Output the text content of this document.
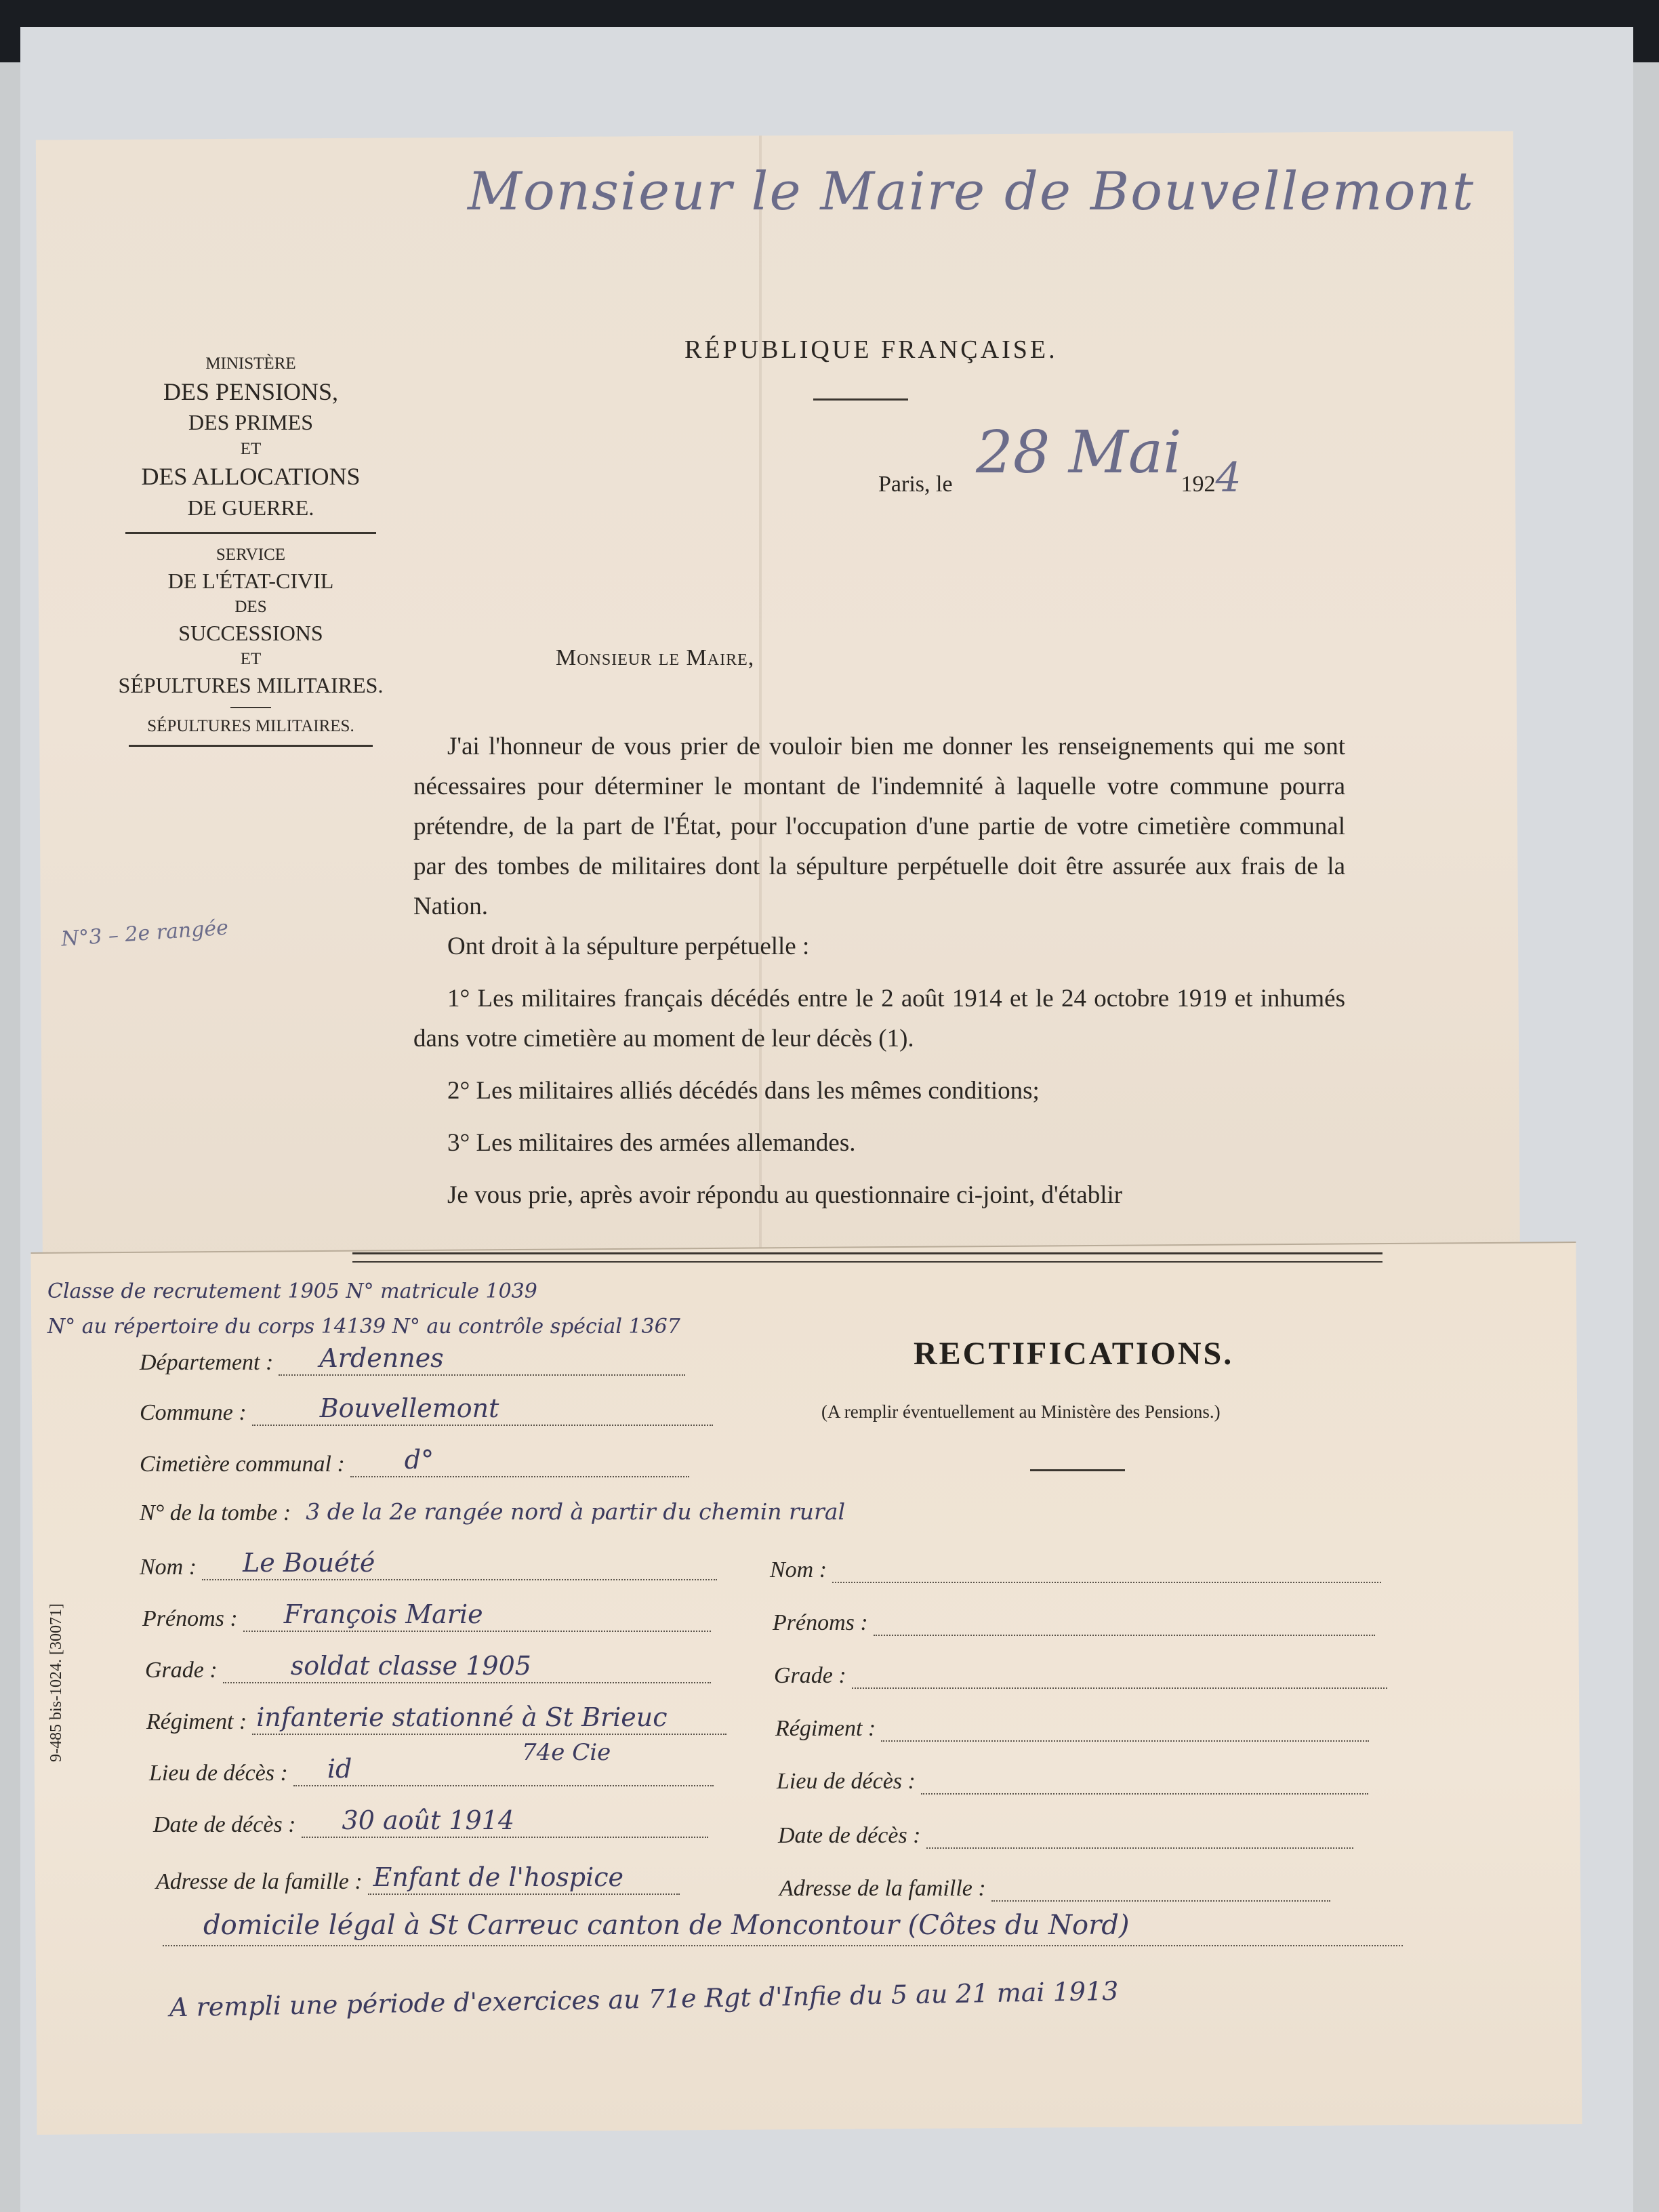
Monsieur le Maire de Bouvellemont
MINISTÈRE
DES PENSIONS,
DES PRIMES
ET
DES ALLOCATIONS
DE GUERRE.
SERVICE
DE L'ÉTAT-CIVIL
DES
SUCCESSIONS
ET
SÉPULTURES MILITAIRES.
SÉPULTURES MILITAIRES.
RÉPUBLIQUE FRANÇAISE.
Paris, le	1924
28 Mai
Monsieur le Maire,

J'ai l'honneur de vous prier de vouloir bien me donner les renseignements qui me sont nécessaires pour déterminer le montant de l'indemnité à laquelle votre commune pourra prétendre, de la part de l'État, pour l'occupation d'une partie de votre cimetière communal par des tombes de militaires dont la sépulture perpétuelle doit être assurée aux frais de la Nation.

Ont droit à la sépulture perpétuelle :

1° Les militaires français décédés entre le 2 août 1914 et le 24 octobre 1919 et inhumés dans votre cimetière au moment de leur décès (1).

2° Les militaires alliés décédés dans les mêmes conditions;

3° Les militaires des armées allemandes.

Je vous prie, après avoir répondu au questionnaire ci-joint, d'établir

N°3 – 2e rangée
Classe de recrutement 1905 N° matricule 1039
N° au répertoire du corps 14139 N° au contrôle spécial 1367
9-485 bis-1024. [30071]
Département : Ardennes
Commune :	Bouvellemont
Cimetière communal : d°
N° de la tombe : 3 de la 2e rangée nord à partir du chemin rural
Nom : Le Bouété
Prénoms : François Marie
Grade :	soldat classe 1905
Régiment : infanterie stationné à St Brieuc
Lieu de décès : id
74e Cie
Date de décès : 30 août 1914
Adresse de la famille : Enfant de l'hospice
domicile légal à St Carreuc canton de Moncontour (Côtes du Nord)
A rempli une période d'exercices au 71e Rgt d'Infie du 5 au 21 mai 1913
RECTIFICATIONS.
(A remplir éventuellement au Ministère des Pensions.)
Nom :
Prénoms :
Grade :
Régiment :
Lieu de décès :
Date de décès :
Adresse de la famille :
